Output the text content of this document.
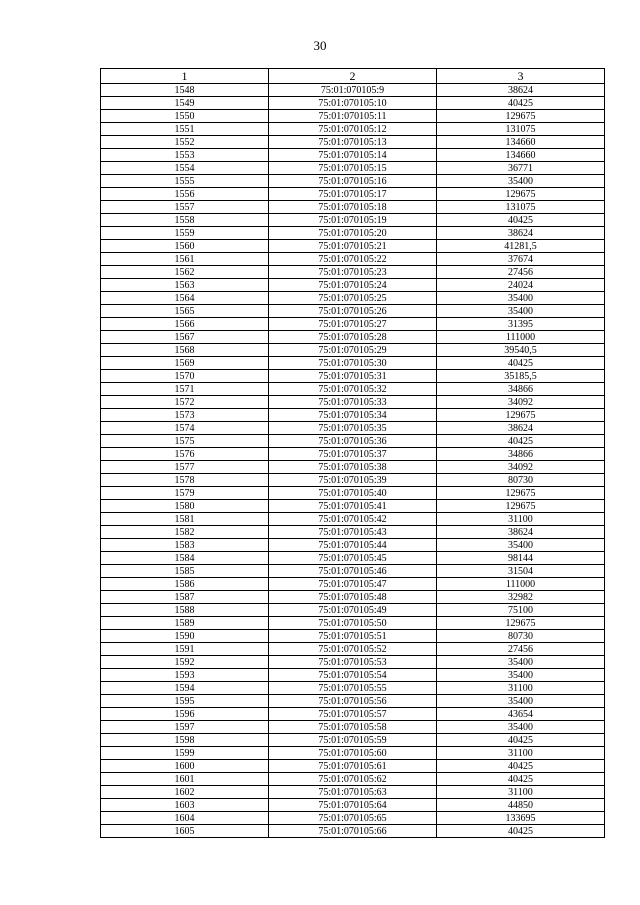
30
1	2	3
1548	75:01:070105:9	38624
1549	75:01:070105:10	40425
1550	75:01:070105:11	129675
1551	75:01:070105:12	131075
1552	75:01:070105:13	134660
1553	75:01:070105:14	134660
1554	75:01:070105:15	36771
1555	75:01:070105:16	35400
1556	75:01:070105:17	129675
1557	75:01:070105:18	131075
1558	75:01:070105:19	40425
1559	75:01:070105:20	38624
1560	75:01:070105:21	41281,5
1561	75:01:070105:22	37674
1562	75:01:070105:23	27456
1563	75:01:070105:24	24024
1564	75:01:070105:25	35400
1565	75:01:070105:26	35400
1566	75:01:070105:27	31395
1567	75:01:070105:28	111000
1568	75:01:070105:29	39540,5
1569	75:01:070105:30	40425
1570	75:01:070105:31	35185,5
1571	75:01:070105:32	34866
1572	75:01:070105:33	34092
1573	75:01:070105:34	129675
1574	75:01:070105:35	38624
1575	75:01:070105:36	40425
1576	75:01:070105:37	34866
1577	75:01:070105:38	34092
1578	75:01:070105:39	80730
1579	75:01:070105:40	129675
1580	75:01:070105:41	129675
1581	75:01:070105:42	31100
1582	75:01:070105:43	38624
1583	75:01:070105:44	35400
1584	75:01:070105:45	98144
1585	75:01:070105:46	31504
1586	75:01:070105:47	111000
1587	75:01:070105:48	32982
1588	75:01:070105:49	75100
1589	75:01:070105:50	129675
1590	75:01:070105:51	80730
1591	75:01:070105:52	27456
1592	75:01:070105:53	35400
1593	75:01:070105:54	35400
1594	75:01:070105:55	31100
1595	75:01:070105:56	35400
1596	75:01:070105:57	43654
1597	75:01:070105:58	35400
1598	75:01:070105:59	40425
1599	75:01:070105:60	31100
1600	75:01:070105:61	40425
1601	75:01:070105:62	40425
1602	75:01:070105:63	31100
1603	75:01:070105:64	44850
1604	75:01:070105:65	133695
1605	75:01:070105:66	40425
